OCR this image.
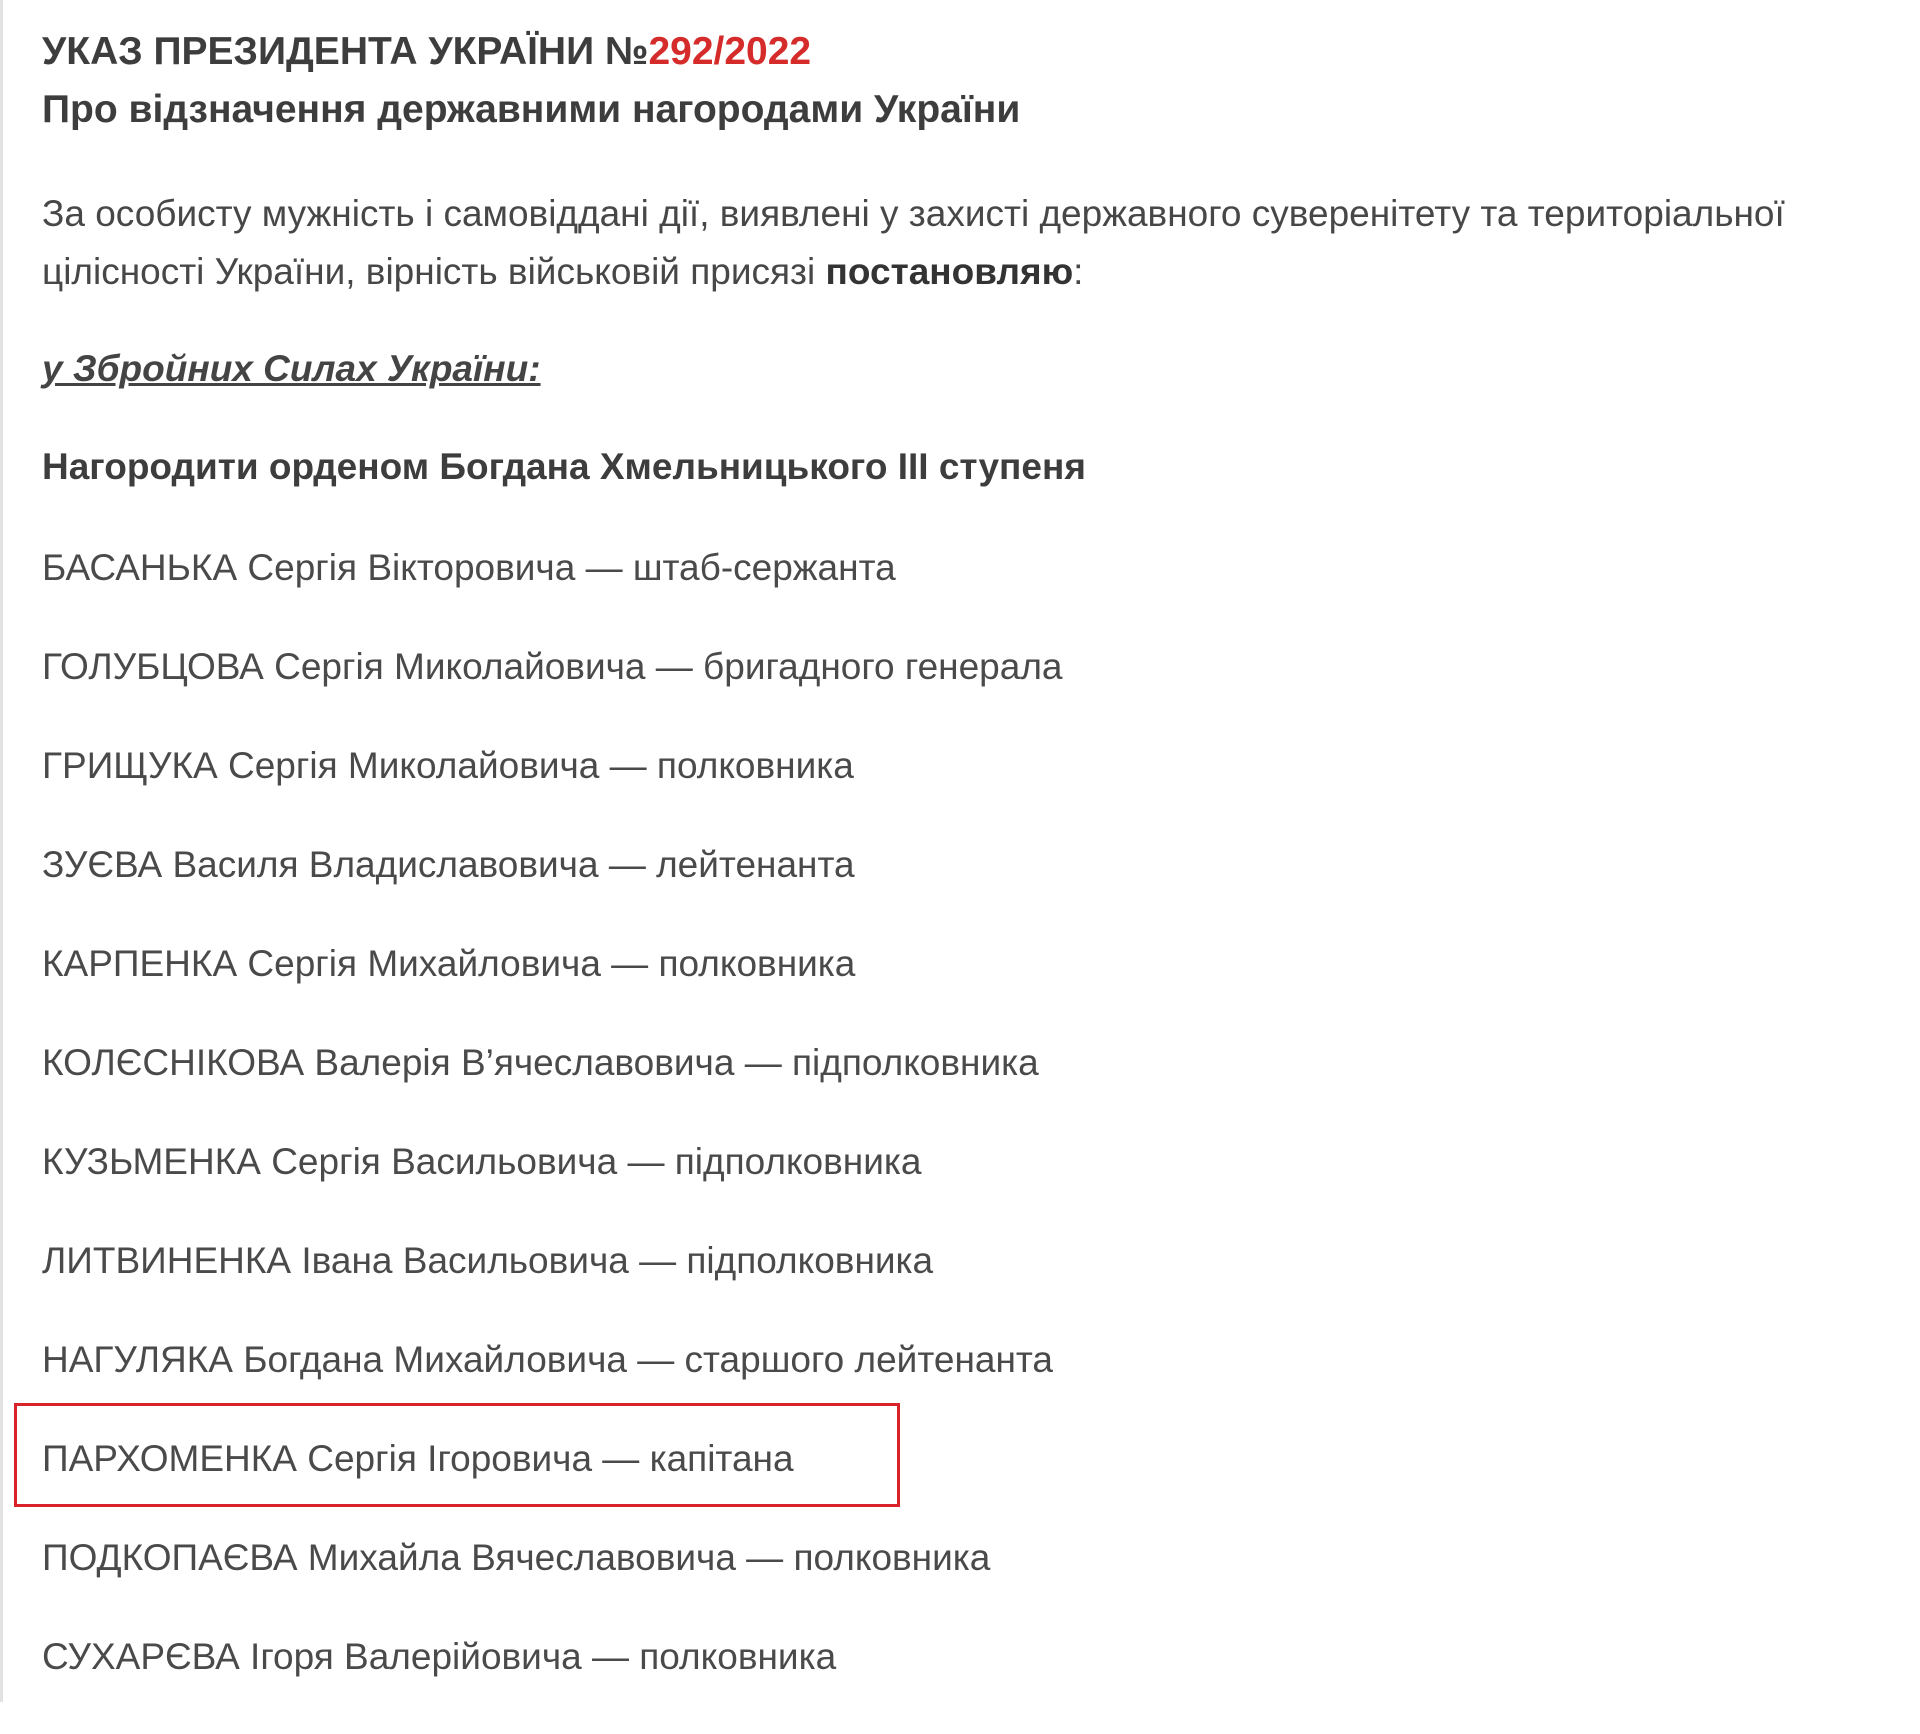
УКАЗ ПРЕЗИДЕНТА УКРАЇНИ №292/2022
Про відзначення державними нагородами України
За особисту мужність і самовіддані дії, виявлені у захисті державного суверенітету та територіальної цілісності України, вірність військовій присязі постановляю:
у Збройних Силах України:
Нагородити орденом Богдана Хмельницького ІІІ ступеня
БАСАНЬКА Сергія Вікторовича — штаб-сержанта
ГОЛУБЦОВА Сергія Миколайовича — бригадного генерала
ГРИЩУКА Сергія Миколайовича — полковника
ЗУЄВА Василя Владиславовича — лейтенанта
КАРПЕНКА Сергія Михайловича — полковника
КОЛЄСНІКОВА Валерія В’ячеславовича — підполковника
КУЗЬМЕНКА Сергія Васильовича — підполковника
ЛИТВИНЕНКА Івана Васильовича — підполковника
НАГУЛЯКА Богдана Михайловича — старшого лейтенанта
ПАРХОМЕНКА Сергія Ігоровича — капітана
ПОДКОПАЄВА Михайла Вячеславовича — полковника
СУХАРЄВА Ігоря Валерійовича — полковника
